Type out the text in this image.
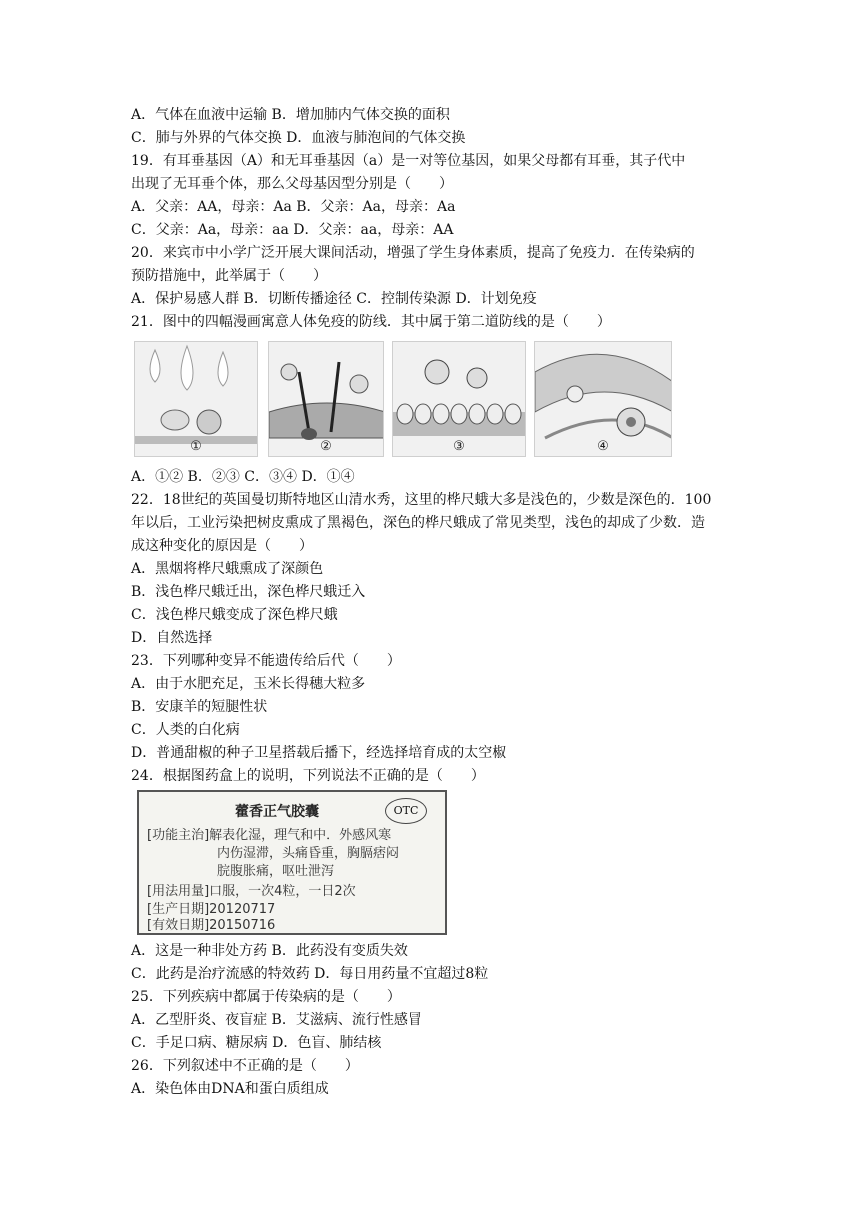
A．气体在血液中运输 B．增加肺内气体交换的面积
C．肺与外界的气体交换 D．血液与肺泡间的气体交换
19．有耳垂基因（A）和无耳垂基因（a）是一对等位基因，如果父母都有耳垂，其子代中
出现了无耳垂个体，那么父母基因型分别是（　　）
A．父亲：AA，母亲：Aa B．父亲：Aa，母亲：Aa
C．父亲：Aa，母亲：aa D．父亲：aa，母亲：AA
20．来宾市中小学广泛开展大课间活动，增强了学生身体素质，提高了免疫力．在传染病的
预防措施中，此举属于（　　）
A．保护易感人群 B．切断传播途径 C．控制传染源 D．计划免疫
21．图中的四幅漫画寓意人体免疫的防线．其中属于第二道防线的是（　　）
①	②	③	④
A．①② B．②③ C．③④ D．①④
22．18世纪的英国曼切斯特地区山清水秀，这里的桦尺蛾大多是浅色的，少数是深色的．100
年以后，工业污染把树皮熏成了黑褐色，深色的桦尺蛾成了常见类型，浅色的却成了少数．造
成这种变化的原因是（　　）
A．黑烟将桦尺蛾熏成了深颜色
B．浅色桦尺蛾迁出，深色桦尺蛾迁入
C．浅色桦尺蛾变成了深色桦尺蛾
D．自然选择
23．下列哪种变异不能遗传给后代（　　）
A．由于水肥充足，玉米长得穗大粒多
B．安康羊的短腿性状
C．人类的白化病
D．普通甜椒的种子卫星搭载后播下，经选择培育成的太空椒
24．根据图药盒上的说明，下列说法不正确的是（　　）
藿香正气胶囊	OTC
[功能主治]解表化湿，理气和中．外感风寒
内伤湿滞，头痛昏重，胸膈痞闷
脘腹胀痛，呕吐泄泻
[用法用量]口服，一次4粒，一日2次
[生产日期]20120717
[有效日期]20150716
A．这是一种非处方药 B．此药没有变质失效
C．此药是治疗流感的特效药 D．每日用药量不宜超过8粒
25．下列疾病中都属于传染病的是（　　）
A．乙型肝炎、夜盲症 B．艾滋病、流行性感冒
C．手足口病、糖尿病 D．色盲、肺结核
26．下列叙述中不正确的是（　　）
A．染色体由DNA和蛋白质组成
